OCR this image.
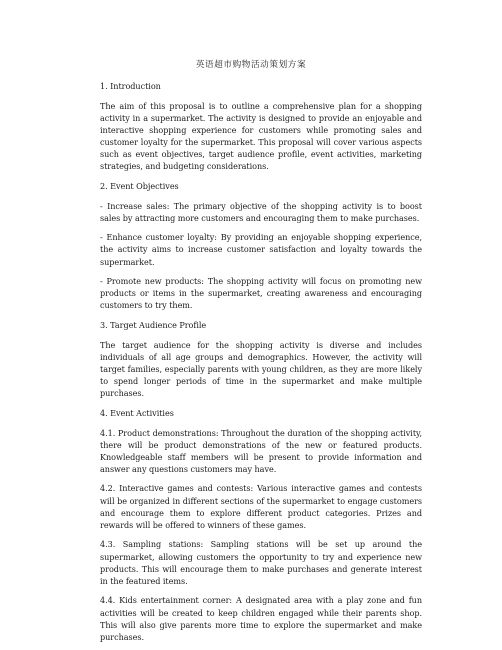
英语超市购物活动策划方案
1. Introduction
The aim of this proposal is to outline a comprehensive plan for a shopping activity in a supermarket. The activity is designed to provide an enjoyable and interactive shopping experience for customers while promoting sales and customer loyalty for the supermarket. This proposal will cover various aspects such as event objectives, target audience profile, event activities, marketing strategies, and budgeting considerations.
2. Event Objectives
- Increase sales: The primary objective of the shopping activity is to boost sales by attracting more customers and encouraging them to make purchases.
- Enhance customer loyalty: By providing an enjoyable shopping experience, the activity aims to increase customer satisfaction and loyalty towards the supermarket.
- Promote new products: The shopping activity will focus on promoting new products or items in the supermarket, creating awareness and encouraging customers to try them.
3. Target Audience Profile
The target audience for the shopping activity is diverse and includes individuals of all age groups and demographics. However, the activity will target families, especially parents with young children, as they are more likely to spend longer periods of time in the supermarket and make multiple purchases.
4. Event Activities
4.1. Product demonstrations: Throughout the duration of the shopping activity, there will be product demonstrations of the new or featured products. Knowledgeable staff members will be present to provide information and answer any questions customers may have.
4.2. Interactive games and contests: Various interactive games and contests will be organized in different sections of the supermarket to engage customers and encourage them to explore different product categories. Prizes and rewards will be offered to winners of these games.
4.3. Sampling stations: Sampling stations will be set up around the supermarket, allowing customers the opportunity to try and experience new products. This will encourage them to make purchases and generate interest in the featured items.
4.4. Kids entertainment corner: A designated area with a play zone and fun activities will be created to keep children engaged while their parents shop. This will also give parents more time to explore the supermarket and make purchases.
